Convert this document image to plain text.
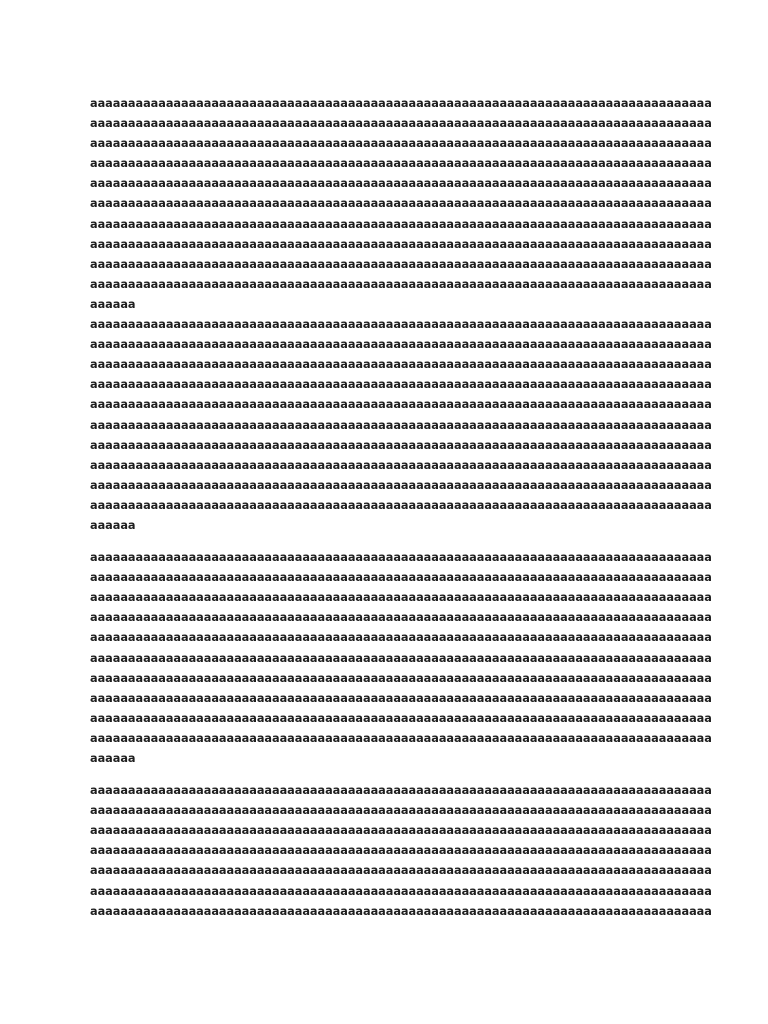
aaaaaaaaaaaaaaaaaaaaaaaaaaaaaaaaaaaaaaaaaaaaaaaaaaaaaaaaaaaaaaaaaaaaaaaaaaaaaaaaaa
aaaaaaaaaaaaaaaaaaaaaaaaaaaaaaaaaaaaaaaaaaaaaaaaaaaaaaaaaaaaaaaaaaaaaaaaaaaaaaaaaa
aaaaaaaaaaaaaaaaaaaaaaaaaaaaaaaaaaaaaaaaaaaaaaaaaaaaaaaaaaaaaaaaaaaaaaaaaaaaaaaaaa
aaaaaaaaaaaaaaaaaaaaaaaaaaaaaaaaaaaaaaaaaaaaaaaaaaaaaaaaaaaaaaaaaaaaaaaaaaaaaaaaaa
aaaaaaaaaaaaaaaaaaaaaaaaaaaaaaaaaaaaaaaaaaaaaaaaaaaaaaaaaaaaaaaaaaaaaaaaaaaaaaaaaa
aaaaaaaaaaaaaaaaaaaaaaaaaaaaaaaaaaaaaaaaaaaaaaaaaaaaaaaaaaaaaaaaaaaaaaaaaaaaaaaaaa
aaaaaaaaaaaaaaaaaaaaaaaaaaaaaaaaaaaaaaaaaaaaaaaaaaaaaaaaaaaaaaaaaaaaaaaaaaaaaaaaaa
aaaaaaaaaaaaaaaaaaaaaaaaaaaaaaaaaaaaaaaaaaaaaaaaaaaaaaaaaaaaaaaaaaaaaaaaaaaaaaaaaa
aaaaaaaaaaaaaaaaaaaaaaaaaaaaaaaaaaaaaaaaaaaaaaaaaaaaaaaaaaaaaaaaaaaaaaaaaaaaaaaaaa
aaaaaaaaaaaaaaaaaaaaaaaaaaaaaaaaaaaaaaaaaaaaaaaaaaaaaaaaaaaaaaaaaaaaaaaaaaaaaaaaaa
aaaaaa
aaaaaaaaaaaaaaaaaaaaaaaaaaaaaaaaaaaaaaaaaaaaaaaaaaaaaaaaaaaaaaaaaaaaaaaaaaaaaaaaaa
aaaaaaaaaaaaaaaaaaaaaaaaaaaaaaaaaaaaaaaaaaaaaaaaaaaaaaaaaaaaaaaaaaaaaaaaaaaaaaaaaa
aaaaaaaaaaaaaaaaaaaaaaaaaaaaaaaaaaaaaaaaaaaaaaaaaaaaaaaaaaaaaaaaaaaaaaaaaaaaaaaaaa
aaaaaaaaaaaaaaaaaaaaaaaaaaaaaaaaaaaaaaaaaaaaaaaaaaaaaaaaaaaaaaaaaaaaaaaaaaaaaaaaaa
aaaaaaaaaaaaaaaaaaaaaaaaaaaaaaaaaaaaaaaaaaaaaaaaaaaaaaaaaaaaaaaaaaaaaaaaaaaaaaaaaa
aaaaaaaaaaaaaaaaaaaaaaaaaaaaaaaaaaaaaaaaaaaaaaaaaaaaaaaaaaaaaaaaaaaaaaaaaaaaaaaaaa
aaaaaaaaaaaaaaaaaaaaaaaaaaaaaaaaaaaaaaaaaaaaaaaaaaaaaaaaaaaaaaaaaaaaaaaaaaaaaaaaaa
aaaaaaaaaaaaaaaaaaaaaaaaaaaaaaaaaaaaaaaaaaaaaaaaaaaaaaaaaaaaaaaaaaaaaaaaaaaaaaaaaa
aaaaaaaaaaaaaaaaaaaaaaaaaaaaaaaaaaaaaaaaaaaaaaaaaaaaaaaaaaaaaaaaaaaaaaaaaaaaaaaaaa
aaaaaaaaaaaaaaaaaaaaaaaaaaaaaaaaaaaaaaaaaaaaaaaaaaaaaaaaaaaaaaaaaaaaaaaaaaaaaaaaaa
aaaaaa
aaaaaaaaaaaaaaaaaaaaaaaaaaaaaaaaaaaaaaaaaaaaaaaaaaaaaaaaaaaaaaaaaaaaaaaaaaaaaaaaaa
aaaaaaaaaaaaaaaaaaaaaaaaaaaaaaaaaaaaaaaaaaaaaaaaaaaaaaaaaaaaaaaaaaaaaaaaaaaaaaaaaa
aaaaaaaaaaaaaaaaaaaaaaaaaaaaaaaaaaaaaaaaaaaaaaaaaaaaaaaaaaaaaaaaaaaaaaaaaaaaaaaaaa
aaaaaaaaaaaaaaaaaaaaaaaaaaaaaaaaaaaaaaaaaaaaaaaaaaaaaaaaaaaaaaaaaaaaaaaaaaaaaaaaaa
aaaaaaaaaaaaaaaaaaaaaaaaaaaaaaaaaaaaaaaaaaaaaaaaaaaaaaaaaaaaaaaaaaaaaaaaaaaaaaaaaa
aaaaaaaaaaaaaaaaaaaaaaaaaaaaaaaaaaaaaaaaaaaaaaaaaaaaaaaaaaaaaaaaaaaaaaaaaaaaaaaaaa
aaaaaaaaaaaaaaaaaaaaaaaaaaaaaaaaaaaaaaaaaaaaaaaaaaaaaaaaaaaaaaaaaaaaaaaaaaaaaaaaaa
aaaaaaaaaaaaaaaaaaaaaaaaaaaaaaaaaaaaaaaaaaaaaaaaaaaaaaaaaaaaaaaaaaaaaaaaaaaaaaaaaa
aaaaaaaaaaaaaaaaaaaaaaaaaaaaaaaaaaaaaaaaaaaaaaaaaaaaaaaaaaaaaaaaaaaaaaaaaaaaaaaaaa
aaaaaaaaaaaaaaaaaaaaaaaaaaaaaaaaaaaaaaaaaaaaaaaaaaaaaaaaaaaaaaaaaaaaaaaaaaaaaaaaaa
aaaaaa
aaaaaaaaaaaaaaaaaaaaaaaaaaaaaaaaaaaaaaaaaaaaaaaaaaaaaaaaaaaaaaaaaaaaaaaaaaaaaaaaaa
aaaaaaaaaaaaaaaaaaaaaaaaaaaaaaaaaaaaaaaaaaaaaaaaaaaaaaaaaaaaaaaaaaaaaaaaaaaaaaaaaa
aaaaaaaaaaaaaaaaaaaaaaaaaaaaaaaaaaaaaaaaaaaaaaaaaaaaaaaaaaaaaaaaaaaaaaaaaaaaaaaaaa
aaaaaaaaaaaaaaaaaaaaaaaaaaaaaaaaaaaaaaaaaaaaaaaaaaaaaaaaaaaaaaaaaaaaaaaaaaaaaaaaaa
aaaaaaaaaaaaaaaaaaaaaaaaaaaaaaaaaaaaaaaaaaaaaaaaaaaaaaaaaaaaaaaaaaaaaaaaaaaaaaaaaa
aaaaaaaaaaaaaaaaaaaaaaaaaaaaaaaaaaaaaaaaaaaaaaaaaaaaaaaaaaaaaaaaaaaaaaaaaaaaaaaaaa
aaaaaaaaaaaaaaaaaaaaaaaaaaaaaaaaaaaaaaaaaaaaaaaaaaaaaaaaaaaaaaaaaaaaaaaaaaaaaaaaaa
